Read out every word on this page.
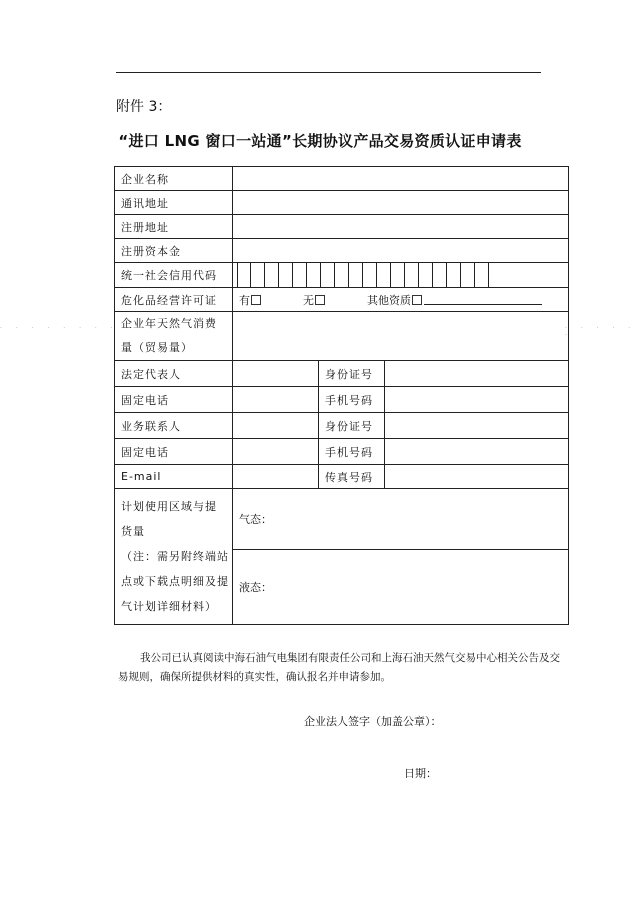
· · · · · · · · · · ·	· · · · · ·
附件 3：
“进口 LNG 窗口一站通”长期协议产品交易资质认证申请表
企业名称			
通讯地址			
注册地址			
注册资本金			
统一社会信用代码			

危化品经营许可证	有 无 其他资质		

企业年天然气消费
量（贸易量）			

法定代表人		身份证号	
固定电话		手机号码	
业务联系人		身份证号	
固定电话		手机号码	
E-mail		传真号码	

计划使用区域与提
货量
（注：需另附终端站
点或下载点明细及提
气计划详细材料）	气态：		
	液态：		
我公司已认真阅读中海石油气电集团有限责任公司和上海石油天然气交易中心相关公告及交易规则，确保所提供材料的真实性，确认报名并申请参加。
企业法人签字（加盖公章）：
日期：
